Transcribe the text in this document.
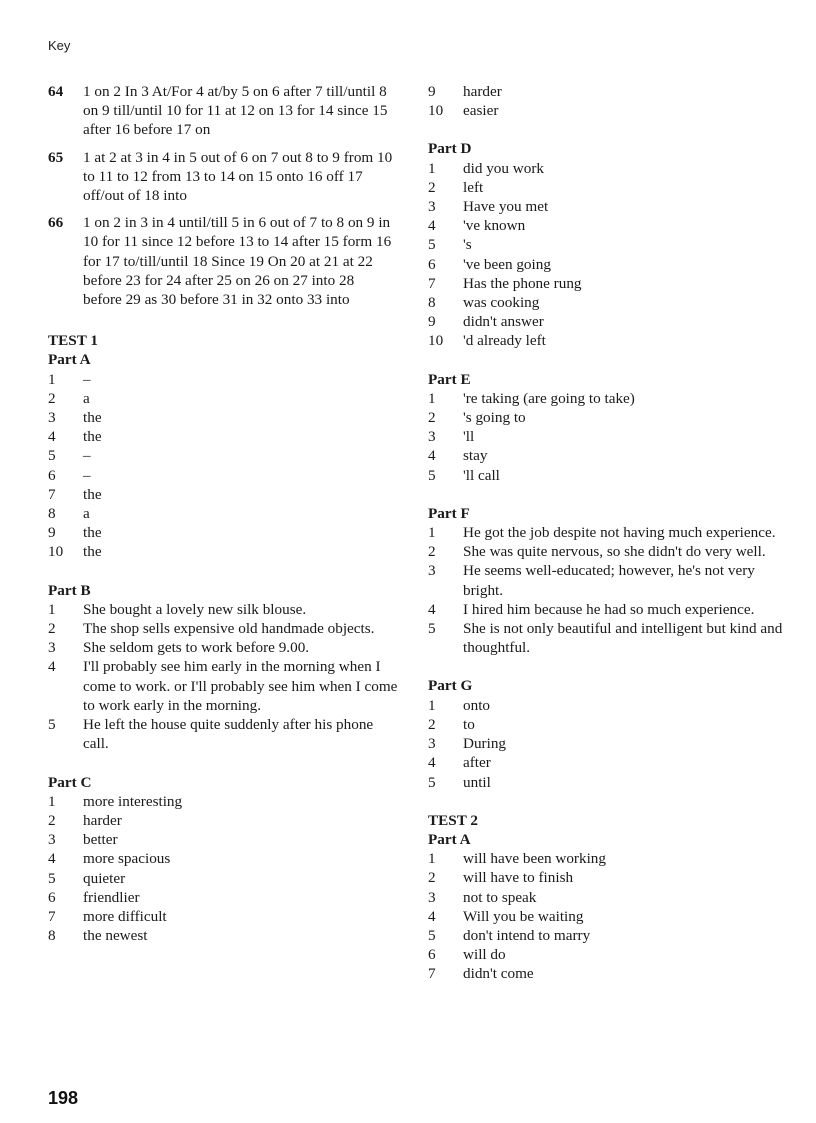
Key
64 1 on 2 In 3 At/For 4 at/by 5 on 6 after 7 till/until 8 on 9 till/until 10 for 11 at 12 on 13 for 14 since 15 after 16 before 17 on
65 1 at 2 at 3 in 4 in 5 out of 6 on 7 out 8 to 9 from 10 to 11 to 12 from 13 to 14 on 15 onto 16 off 17 off/out of 18 into
66 1 on 2 in 3 in 4 until/till 5 in 6 out of 7 to 8 on 9 in 10 for 11 since 12 before 13 to 14 after 15 form 16 for 17 to/till/until 18 Since 19 On 20 at 21 at 22 before 23 for 24 after 25 on 26 on 27 into 28 before 29 as 30 before 31 in 32 onto 33 into
TEST 1
Part A
1	–
2	a
3	the
4	the
5	–
6	–
7	the
8	a
9	the
10	the
Part B
1	She bought a lovely new silk blouse.
2	The shop sells expensive old handmade objects.
3	She seldom gets to work before 9.00.
4	I'll probably see him early in the morning when I come to work. or I'll probably see him when I come to work early in the morning.
5	He left the house quite suddenly after his phone call.
Part C
1	more interesting
2	harder
3	better
4	more spacious
5	quieter
6	friendlier
7	more difficult
8	the newest
9	harder
10	easier
Part D
1	did you work
2	left
3	Have you met
4	've known
5	's
6	've been going
7	Has the phone rung
8	was cooking
9	didn't answer
10	'd already left
Part E
1	're taking (are going to take)
2	's going to
3	'll
4	stay
5	'll call
Part F
1	He got the job despite not having much experience.
2	She was quite nervous, so she didn't do very well.
3	He seems well-educated; however, he's not very bright.
4	I hired him because he had so much experience.
5	She is not only beautiful and intelligent but kind and thoughtful.
Part G
1	onto
2	to
3	During
4	after
5	until
TEST 2
Part A
1	will have been working
2	will have to finish
3	not to speak
4	Will you be waiting
5	don't intend to marry
6	will do
7	didn't come
198
